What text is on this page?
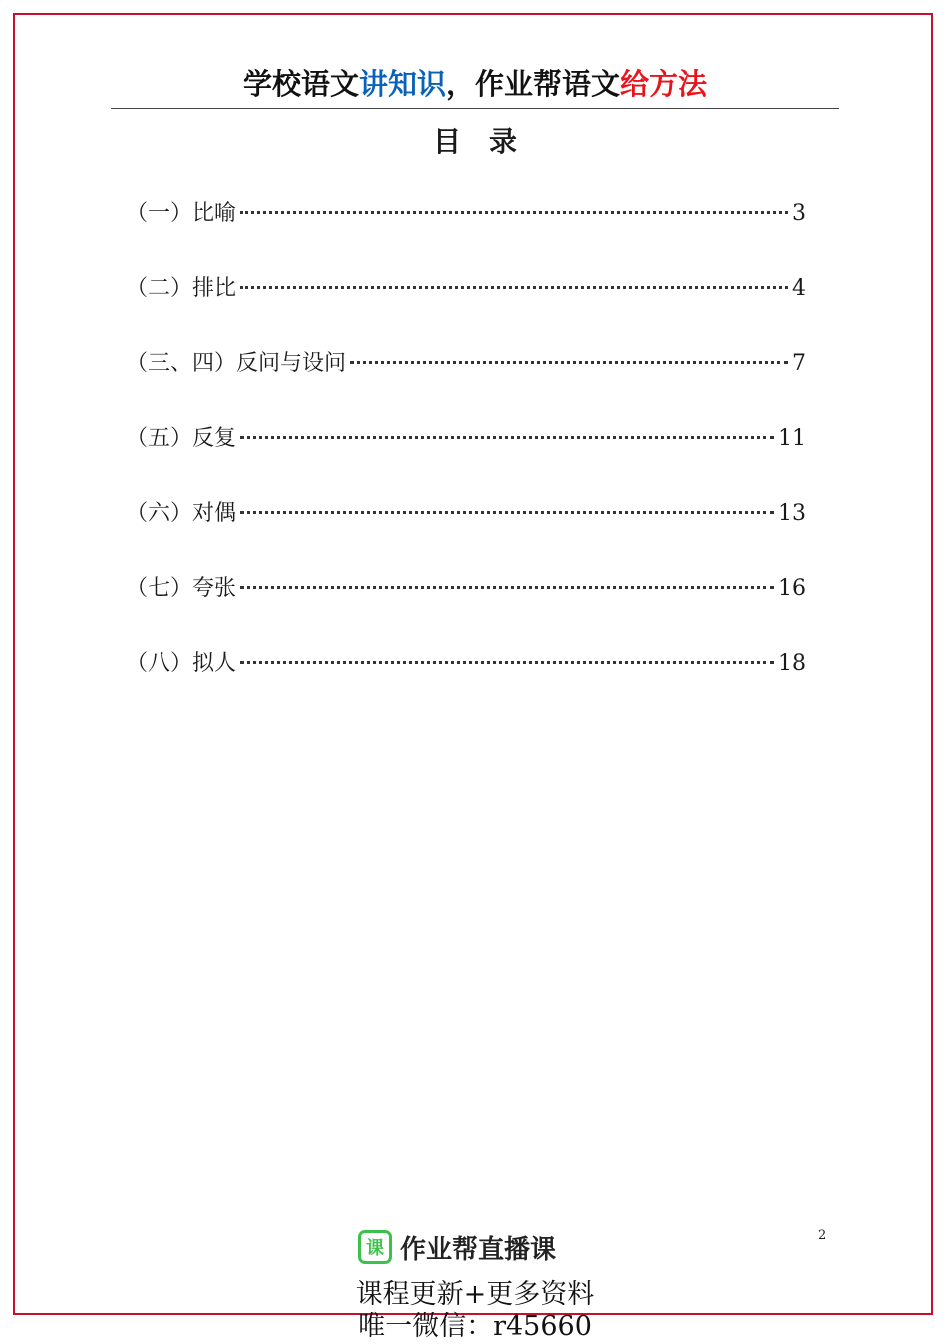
学校语文讲知识，作业帮语文给方法
目录
（一）比喻	3
（二）排比	4
（三、四）反问与设问	7
（五）反复	11
（六）对偶	13
（七）夸张	16
（八）拟人	18
2
课 作业帮直播课
课程更新+更多资料
唯一微信：r45660
